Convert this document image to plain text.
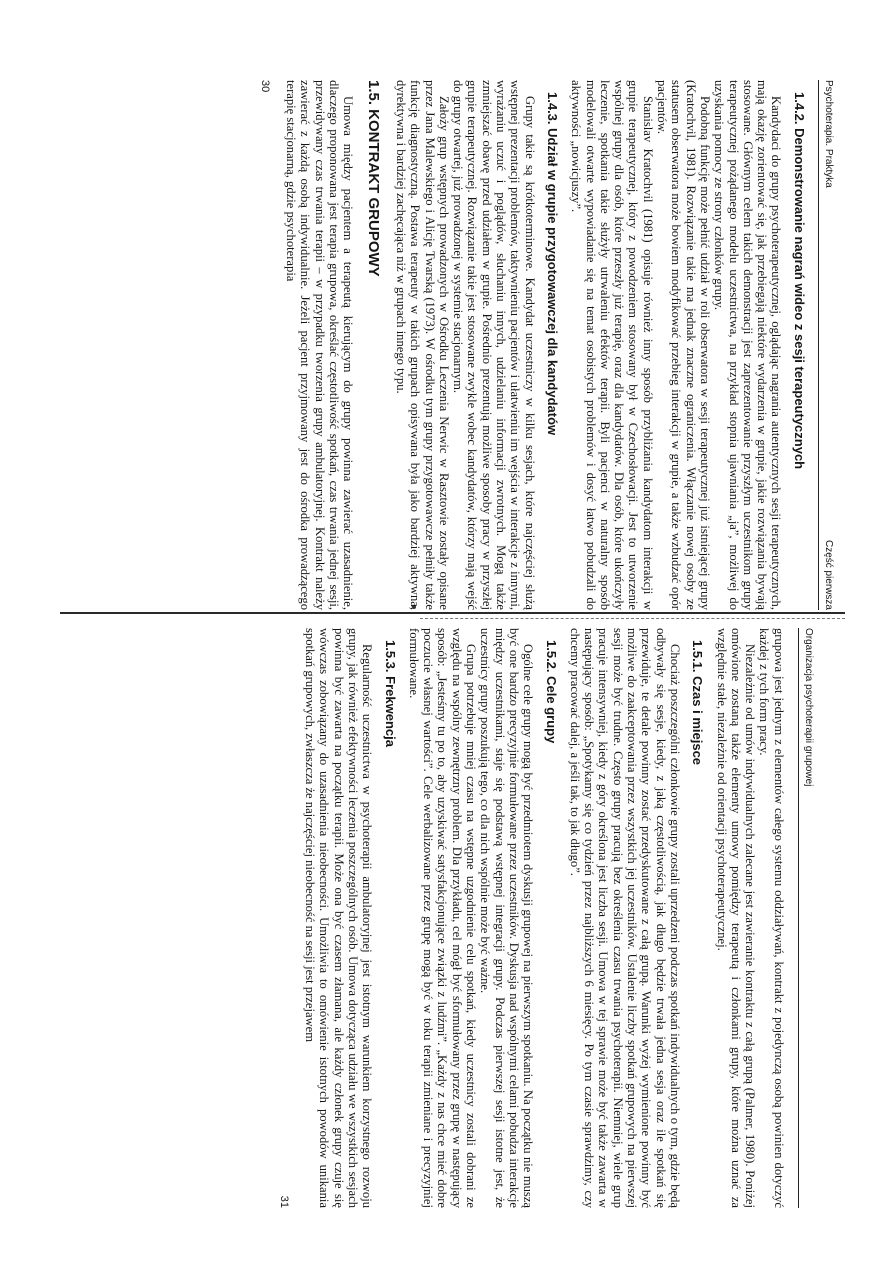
Psychoterapia. Praktyka
Część pierwsza
1.4.2. Demonstrowanie nagrań wideo z sesji terapeutycznych

Kandydaci do grupy psychoterapeutycznej, oglądając nagrania autentycznych sesji terapeutycznych, mają okazję zorientować się, jak przebiegają niektóre wydarzenia w grupie, jakie rozwiązania bywają stosowane. Głównym celem takich demonstracji jest zaprezentowanie przyszłym uczestnikom grupy terapeutycznej pożądanego modelu uczestnictwa, na przykład stopnia ujawniania „ja”, możliwej do uzyskania pomocy ze strony członków grupy.

Podobną funkcję może pełnić udział w roli obserwatora w sesji terapeutycznej już istniejącej grupy (Kratochvil, 1981). Rozwiązanie takie ma jednak znaczne ograniczenia. Włączanie nowej osoby ze statusem obserwatora może bowiem modyfikować przebieg interakcji w grupie, a także wzbudzać opór pacjentów.

Stanislav Kratochvil (1981) opisuje również inny sposób przybliżania kandydatom interakcji w grupie terapeutycznej, który z powodzeniem stosowany był w Czechosłowacji. Jest to utworzenie wspólnej grupy dla osób, które przeszły już terapię, oraz dla kandydatów. Dla osób, które ukończyły leczenie, spotkania takie służyły utrwaleniu efektów terapii. Byli pacjenci w naturalny sposób modelowali otwarte wypowiadanie się na temat osobistych problemów i dosyć łatwo pobudzali do aktywności „nowicjuszy”.

1.4.3. Udział w grupie przygotowawczej dla kandydatów

Grupy takie są krótkoterminowe. Kandydat uczestniczy w kilku sesjach, które najczęściej służą wstępnej prezentacji problemów, taktywnieniu pacjentów i ułatwieniu im wejścia w interakcje z innymi, wyrażaniu uczuć i poglądów, słuchaniu innych, udzielaniu informacji zwrotnych. Mogą także zmniejszać obawę przed udziałem w grupie. Pośrednio prezentują możliwe sposoby pracy w przyszłej grupie terapeutycznej. Rozwiązanie takie jest stosowane zwykle wobec kandydatów, którzy mają wejść do grupy otwartej, już prowadzonej w systemie stacjonarnym.

Założy grup wstępnych prowadzonych w Ośrodku Leczenia Nerwic w Rasztowie zostały opisane przez Jana Malewskiego i Alicję Twarską (1973). W ośrodku tym grupy przygotowawcze pełniły także funkcję diagnostyczną. Postawa terapeuty w takich grupach opisywana była jako bardziej aktywna, dyrektywna i bardziej zachęcająca niż w grupach innego typu.

1.5. KONTRAKT GRUPOWY

Umowa między pacjentem a terapeutą kierującym do grupy powinna zawierać uzasadnienie, dlaczego proponowana jest terapia grupowa, określać częstotliwość spotkań, czas trwania jednej sesji, przewidywany czas trwania terapii – w przypadku tworzenia grupy ambulatoryjnej. Kontrakt należy zawierać z każdą osobą indywidualnie. Jeżeli pacjent przyjmowany jest do ośrodka prowadzącego terapię stacjonarną, gdzie psychoterapia

30
Organizacja psychoterapii grupowej

grupowa jest jednym z elementów całego systemu oddziaływań, kontrakt z pojedynczą osobą powinien dotyczyć każdej z tych form pracy.

Niezależnie od umów indywidualnych zalecane jest zawieranie kontraktu z całą grupą (Palmer, 1980). Poniżej omówione zostaną także elementy umowy pomiędzy terapeutą i członkami grupy, które można uznać za względnie stałe, niezależnie od orientacji psychoterapeutycznej.

1.5.1. Czas i miejsce

Chociaż poszczególni członkowie grupy zostali uprzedzeni podczas spotkań indywidualnych o tym, gdzie będą odbywały się sesje, kiedy, z jaką częstotliwością, jak długo będzie trwała jedna sesja oraz ile spotkań się przewiduje, te detale powinny zostać przedyskutowane z całą grupą. Warunki wyżej wymienione powinny być możliwe do zaakceptowania przez wszystkich jej uczestników. Ustalenie liczby spotkań grupowych na pierwszej sesji może być trudne. Często grupy pracują bez określenia czasu trwania psychoterapii. Niemniej, wiele grup pracuje intensywniej, kiedy z góry określona jest liczba sesji. Umowa w tej sprawie może być także zawarta w następujący sposób: „Spotykamy się co tydzień przez najbliższych 6 miesięcy. Po tym czasie sprawdzimy, czy chcemy pracować dalej, a jeśli tak, to jak długo”.

1.5.2. Cele grupy

Ogólne cele grupy mogą być przedmiotem dyskusji grupowej na pierwszym spotkaniu. Na początku nie muszą być one bardzo precyzyjnie formułowane przez uczestników. Dyskusja nad wspólnymi celami pobudza interakcje między uczestnikami, staje się podstawą wstępnej integracji grupy. Podczas pierwszej sesji istotne jest, że uczestnicy grupy poszukują tego, co dla nich wspólnie może być ważne.

Grupa potrzebuje mniej czasu na wstępne uzgodnienie celu spotkań, kiedy uczestnicy zostali dobrani ze względu na wspólny zewnętrzny problem. Dla przykładu, cel mógł być sformułowany przez grupę w następujący sposób: „Jesteśmy tu po to, aby uzyskiwać satysfakcjonujące związki z ludźmi”. „Każdy z nas chce mieć dobre poczucie własnej wartości”. Cele werbalizowane przez grupę mogą być w toku terapii zmieniane i precyzyjniej formułowane.

1.5.3. Frekwencja

Regularność uczestnictwa w psychoterapii ambulatoryjnej jest istotnym warunkiem korzystnego rozwoju grupy, jak również efektywności leczenia poszczególnych osób. Umowa dotycząca udziału we wszystkich sesjach powinna być zawarta na początku terapii. Może ona być czasem złamana, ale każdy członek grupy czuje się wówczas zobowiązany do uzasadnienia nieobecności. Umożliwia to omówienie istotnych powodów unikania spotkań grupowych, zwłaszcza że najczęściej nieobecność na sesji jest przejawem

31
